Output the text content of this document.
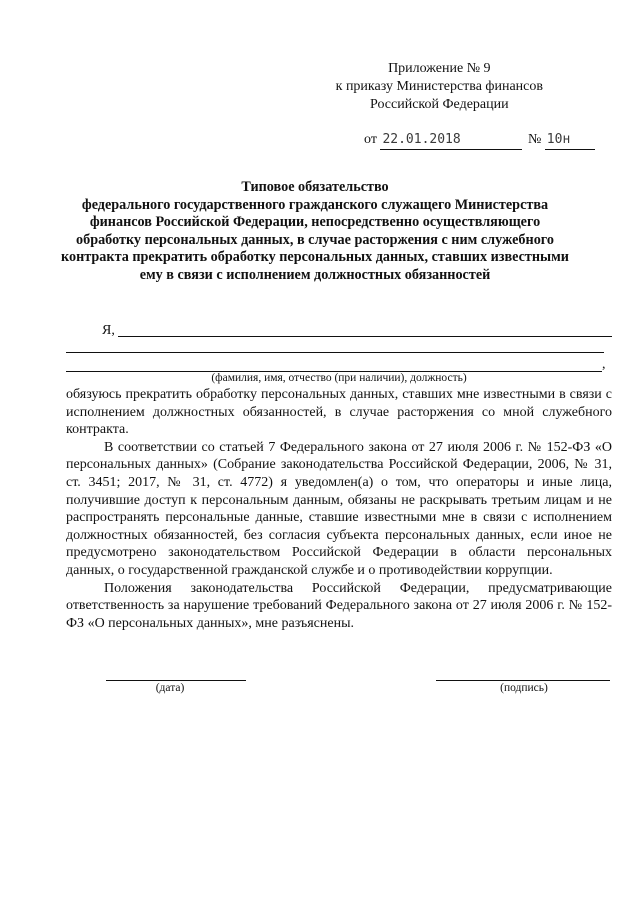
Приложение № 9
к приказу Министерства финансов
Российской Федерации
от 22.01.2018	№ 10н
Типовое обязательство
федерального государственного гражданского служащего Министерства
финансов Российской Федерации, непосредственно осуществляющего
обработку персональных данных, в случае расторжения с ним служебного
контракта прекратить обработку персональных данных, ставших известными
ему в связи с исполнением должностных обязанностей
Я,
,
(фамилия, имя, отчество (при наличии), должность)

обязуюсь прекратить обработку персональных данных, ставших мне известными в связи с исполнением должностных обязанностей, в случае расторжения со мной служебного контракта.

В соответствии со статьей 7 Федерального закона от 27 июля 2006 г. № 152-ФЗ «О персональных данных» (Собрание законодательства Российской Федерации, 2006, № 31, ст. 3451; 2017, № 31, ст. 4772) я уведомлен(а) о том, что операторы и иные лица, получившие доступ к персональным данным, обязаны не раскрывать третьим лицам и не распространять персональные данные, ставшие известными мне в связи с исполнением должностных обязанностей, без согласия субъекта персональных данных, если иное не предусмотрено законодательством Российской Федерации в области персональных данных, о государственной гражданской службе и о противодействии коррупции.

Положения законодательства Российской Федерации, предусматривающие ответственность за нарушение требований Федерального закона от 27 июля 2006 г. № 152-ФЗ «О персональных данных», мне разъяснены.

(дата)	(подпись)
